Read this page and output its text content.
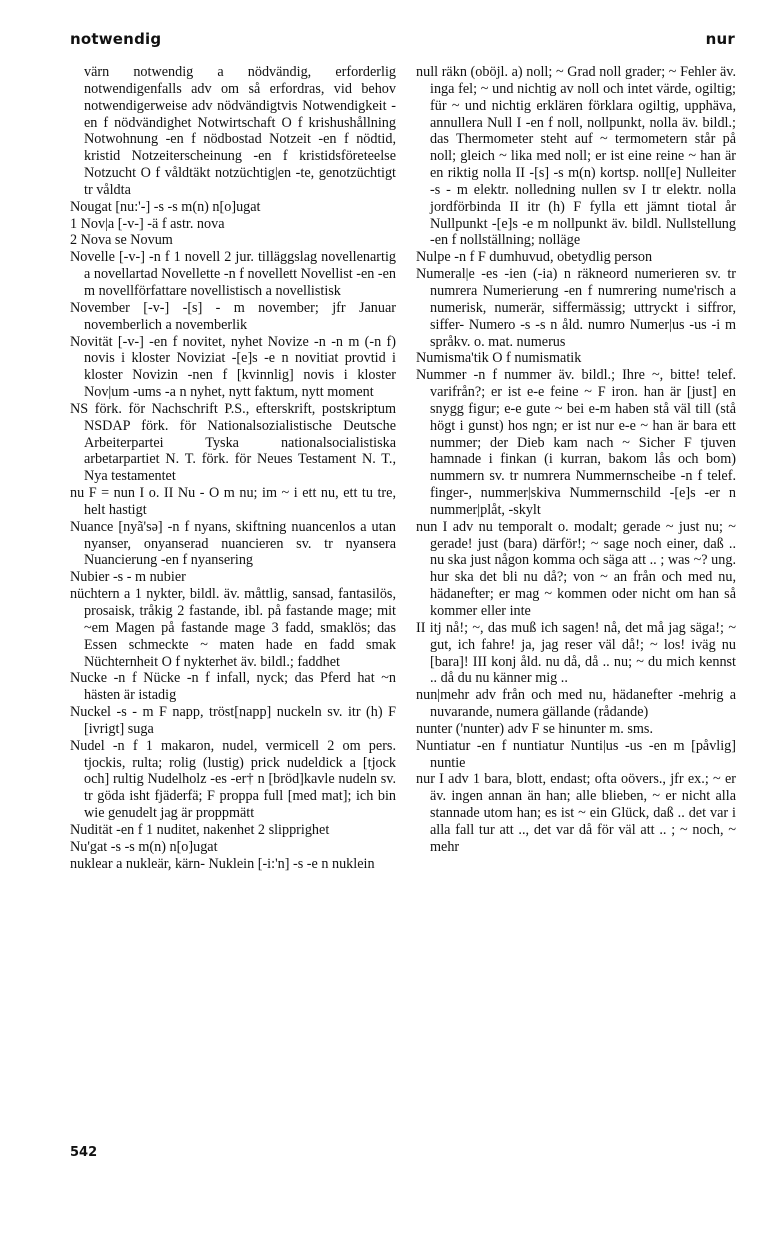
notwendig	nur

värn notwendig a nödvändig, erforderlig notwendigenfalls adv om så erfordras, vid behov notwendigerweise adv nödvändigtvis Notwendigkeit -en f nödvändighet Notwirtschaft O f krishushållning Notwohnung -en f nödbostad Notzeit -en f nödtid, kristid Notzeiterscheinung -en f kristidsföreteelse Notzucht O f våldtäkt notzüchtig|en -te, genotzüchtigt tr våldta

Nougat [nu:'-] -s -s m(n) n[o]ugat

1 Nov|a [-v-] -ä f astr. nova

2 Nova se Novum

Novelle [-v-] -n f 1 novell 2 jur. tilläggslag novellenartig a novellartad Novellette -n f novellett Novellist -en -en m novellförfattare novellistisch a novellistisk

November [-v-] -[s] - m november; jfr Januar novemberlich a novemberlik

Novität [-v-] -en f novitet, nyhet Novize -n -n m (-n f) novis i kloster Noviziat -[e]s -e n novitiat provtid i kloster Novizin -nen f [kvinnlig] novis i kloster Nov|um -ums -a n nyhet, nytt faktum, nytt moment

NS förk. för Nachschrift P.S., efterskrift, postskriptum NSDAP förk. för Nationalsozialistische Deutsche Arbeiterpartei Tyska nationalsocialistiska arbetarpartiet N. T. förk. för Neues Testament N. T., Nya testamentet

nu F = nun I o. II Nu - O m nu; im ~ i ett nu, ett tu tre, helt hastigt

Nuance [nyã'sə] -n f nyans, skiftning nuancenlos a utan nyanser, onyanserad nuancieren sv. tr nyansera Nuancierung -en f nyansering

Nubier -s - m nubier

nüchtern a 1 nykter, bildl. äv. måttlig, sansad, fantasilös, prosaisk, tråkig 2 fastande, ibl. på fastande mage; mit ~em Magen på fastande mage 3 fadd, smaklös; das Essen schmeckte ~ maten hade en fadd smak Nüchternheit O f nykterhet äv. bildl.; faddhet

Nucke -n f Nücke -n f infall, nyck; das Pferd hat ~n hästen är istadig

Nuckel -s - m F napp, tröst[napp] nuckeln sv. itr (h) F [ivrigt] suga

Nudel -n f 1 makaron, nudel, vermicell 2 om pers. tjockis, rulta; rolig (lustig) prick nudeldick a [tjock och] rultig Nudelholz -es -er† n [bröd]kavle nudeln sv. tr göda isht fjäderfä; F proppa full [med mat]; ich bin wie genudelt jag är proppmätt

Nudität -en f 1 nuditet, nakenhet 2 slipprighet

Nu'gat -s -s m(n) n[o]ugat

nuklear a nukleär, kärn- Nuklein [-i:'n] -s -e n nuklein

null räkn (oböjl. a) noll; ~ Grad noll grader; ~ Fehler äv. inga fel; ~ und nichtig av noll och intet värde, ogiltig; für ~ und nichtig erklären förklara ogiltig, upphäva, annullera Null I -en f noll, nollpunkt, nolla äv. bildl.; das Thermometer steht auf ~ termometern står på noll; gleich ~ lika med noll; er ist eine reine ~ han är en riktig nolla II -[s] -s m(n) kortsp. noll[e] Nulleiter -s - m elektr. nolledning nullen sv I tr elektr. nolla jordförbinda II itr (h) F fylla ett jämnt tiotal år Nullpunkt -[e]s -e m nollpunkt äv. bildl. Nullstellung -en f nollställning; nolläge

Nulpe -n f F dumhuvud, obetydlig person

Numeral|e -es -ien (-ia) n räkneord numerieren sv. tr numrera Numerierung -en f numrering nume'risch a numerisk, numerär, siffermässig; uttryckt i siffror, siffer- Numero -s -s n åld. numro Numer|us -us -i m språkv. o. mat. numerus

Numisma'tik O f numismatik

Nummer -n f nummer äv. bildl.; Ihre ~, bitte! telef. varifrån?; er ist e-e feine ~ F iron. han är [just] en snygg figur; e-e gute ~ bei e-m haben stå väl till (stå högt i gunst) hos ngn; er ist nur e-e ~ han är bara ett nummer; der Dieb kam nach ~ Sicher F tjuven hamnade i finkan (i kurran, bakom lås och bom) nummern sv. tr numrera Nummernscheibe -n f telef. finger-, nummer|skiva Nummernschild -[e]s -er n nummer|plåt, -skylt

nun I adv nu temporalt o. modalt; gerade ~ just nu; ~ gerade! just (bara) därför!; ~ sage noch einer, daß .. nu ska just någon komma och säga att .. ; was ~? ung. hur ska det bli nu då?; von ~ an från och med nu, hädanefter; er mag ~ kommen oder nicht om han så kommer eller inte

II itj nå!; ~, das muß ich sagen! nå, det må jag säga!; ~ gut, ich fahre! ja, jag reser väl då!; ~ los! iväg nu [bara]! III konj åld. nu då, då .. nu; ~ du mich kennst .. då du nu känner mig ..

nun|mehr adv från och med nu, hädanefter -mehrig a nuvarande, numera gällande (rådande)

nunter ('nunter) adv F se hinunter m. sms.

Nuntiatur -en f nuntiatur Nunti|us -us -en m [påvlig] nuntie

nur I adv 1 bara, blott, endast; ofta oövers., jfr ex.; ~ er äv. ingen annan än han; alle blieben, ~ er nicht alla stannade utom han; es ist ~ ein Glück, daß .. det var i alla fall tur att .., det var då för väl att .. ; ~ noch, ~ mehr

542
